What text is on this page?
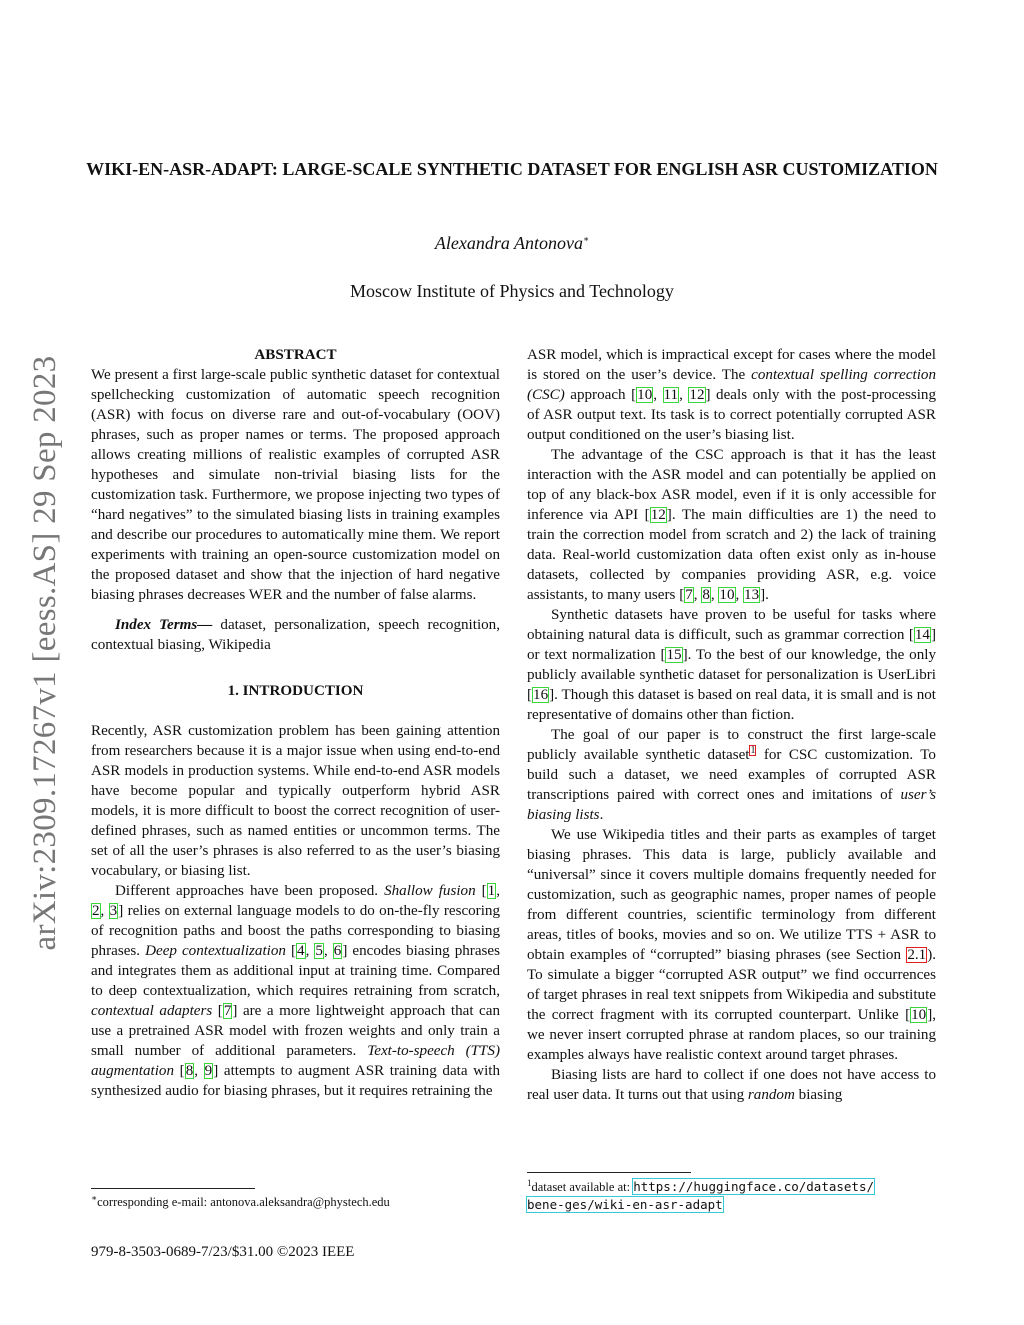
WIKI-EN-ASR-ADAPT: LARGE-SCALE SYNTHETIC DATASET FOR ENGLISH ASR CUSTOMIZATION
Alexandra Antonova∗
Moscow Institute of Physics and Technology
arXiv:2309.17267v1 [eess.AS] 29 Sep 2023

ABSTRACT

We present a first large-scale public synthetic dataset for contextual spellchecking customization of automatic speech recognition (ASR) with focus on diverse rare and out-of-vocabulary (OOV) phrases, such as proper names or terms. The proposed approach allows creating millions of realistic examples of corrupted ASR hypotheses and simulate non-trivial biasing lists for the customization task. Furthermore, we propose injecting two types of “hard negatives” to the simulated biasing lists in training examples and describe our procedures to automatically mine them. We report experiments with training an open-source customization model on the proposed dataset and show that the injection of hard negative biasing phrases decreases WER and the number of false alarms.

Index Terms— dataset, personalization, speech recognition, contextual biasing, Wikipedia

1. INTRODUCTION

Recently, ASR customization problem has been gaining attention from researchers because it is a major issue when using end-to-end ASR models in production systems. While end-to-end ASR models have become popular and typically outperform hybrid ASR models, it is more difficult to boost the correct recognition of user-defined phrases, such as named entities or uncommon terms. The set of all the user’s phrases is also referred to as the user’s biasing vocabulary, or biasing list.

Different approaches have been proposed. Shallow fusion [1, 2, 3] relies on external language models to do on-the-fly rescoring of recognition paths and boost the paths corresponding to biasing phrases. Deep contextualization [4, 5, 6] encodes biasing phrases and integrates them as additional input at training time. Compared to deep contextualization, which requires retraining from scratch, contextual adapters [7] are a more lightweight approach that can use a pretrained ASR model with frozen weights and only train a small number of additional parameters. Text-to-speech (TTS) augmentation [8, 9] attempts to augment ASR training data with synthesized audio for biasing phrases, but it requires retraining the

ASR model, which is impractical except for cases where the model is stored on the user’s device. The contextual spelling correction (CSC) approach [10, 11, 12] deals only with the post-processing of ASR output text. Its task is to correct potentially corrupted ASR output conditioned on the user’s biasing list.

The advantage of the CSC approach is that it has the least interaction with the ASR model and can potentially be applied on top of any black-box ASR model, even if it is only accessible for inference via API [12]. The main difficulties are 1) the need to train the correction model from scratch and 2) the lack of training data. Real-world customization data often exist only as in-house datasets, collected by companies providing ASR, e.g. voice assistants, to many users [7, 8, 10, 13].

Synthetic datasets have proven to be useful for tasks where obtaining natural data is difficult, such as grammar correction [14] or text normalization [15]. To the best of our knowledge, the only publicly available synthetic dataset for personalization is UserLibri [16]. Though this dataset is based on real data, it is small and is not representative of domains other than fiction.

The goal of our paper is to construct the first large-scale publicly available synthetic dataset$^1$ for CSC customization. To build such a dataset, we need examples of corrupted ASR transcriptions paired with correct ones and imitations of user’s biasing lists.

We use Wikipedia titles and their parts as examples of target biasing phrases. This data is large, publicly available and “universal” since it covers multiple domains frequently needed for customization, such as geographic names, proper names of people from different countries, scientific terminology from different areas, titles of books, movies and so on. We utilize TTS + ASR to obtain examples of “corrupted” biasing phrases (see Section 2.1). To simulate a bigger “corrupted ASR output” we find occurrences of target phrases in real text snippets from Wikipedia and substitute the correct fragment with its corrupted counterpart. Unlike [10], we never insert corrupted phrase at random places, so our training examples always have realistic context around target phrases.

Biasing lists are hard to collect if one does not have access to real user data. It turns out that using random biasing

∗corresponding e-mail: antonova.aleksandra@phystech.edu
$^1$dataset available at: https://huggingface.co/datasets/
bene-ges/wiki-en-asr-adapt
979-8-3503-0689-7/23/$31.00 ©2023 IEEE
